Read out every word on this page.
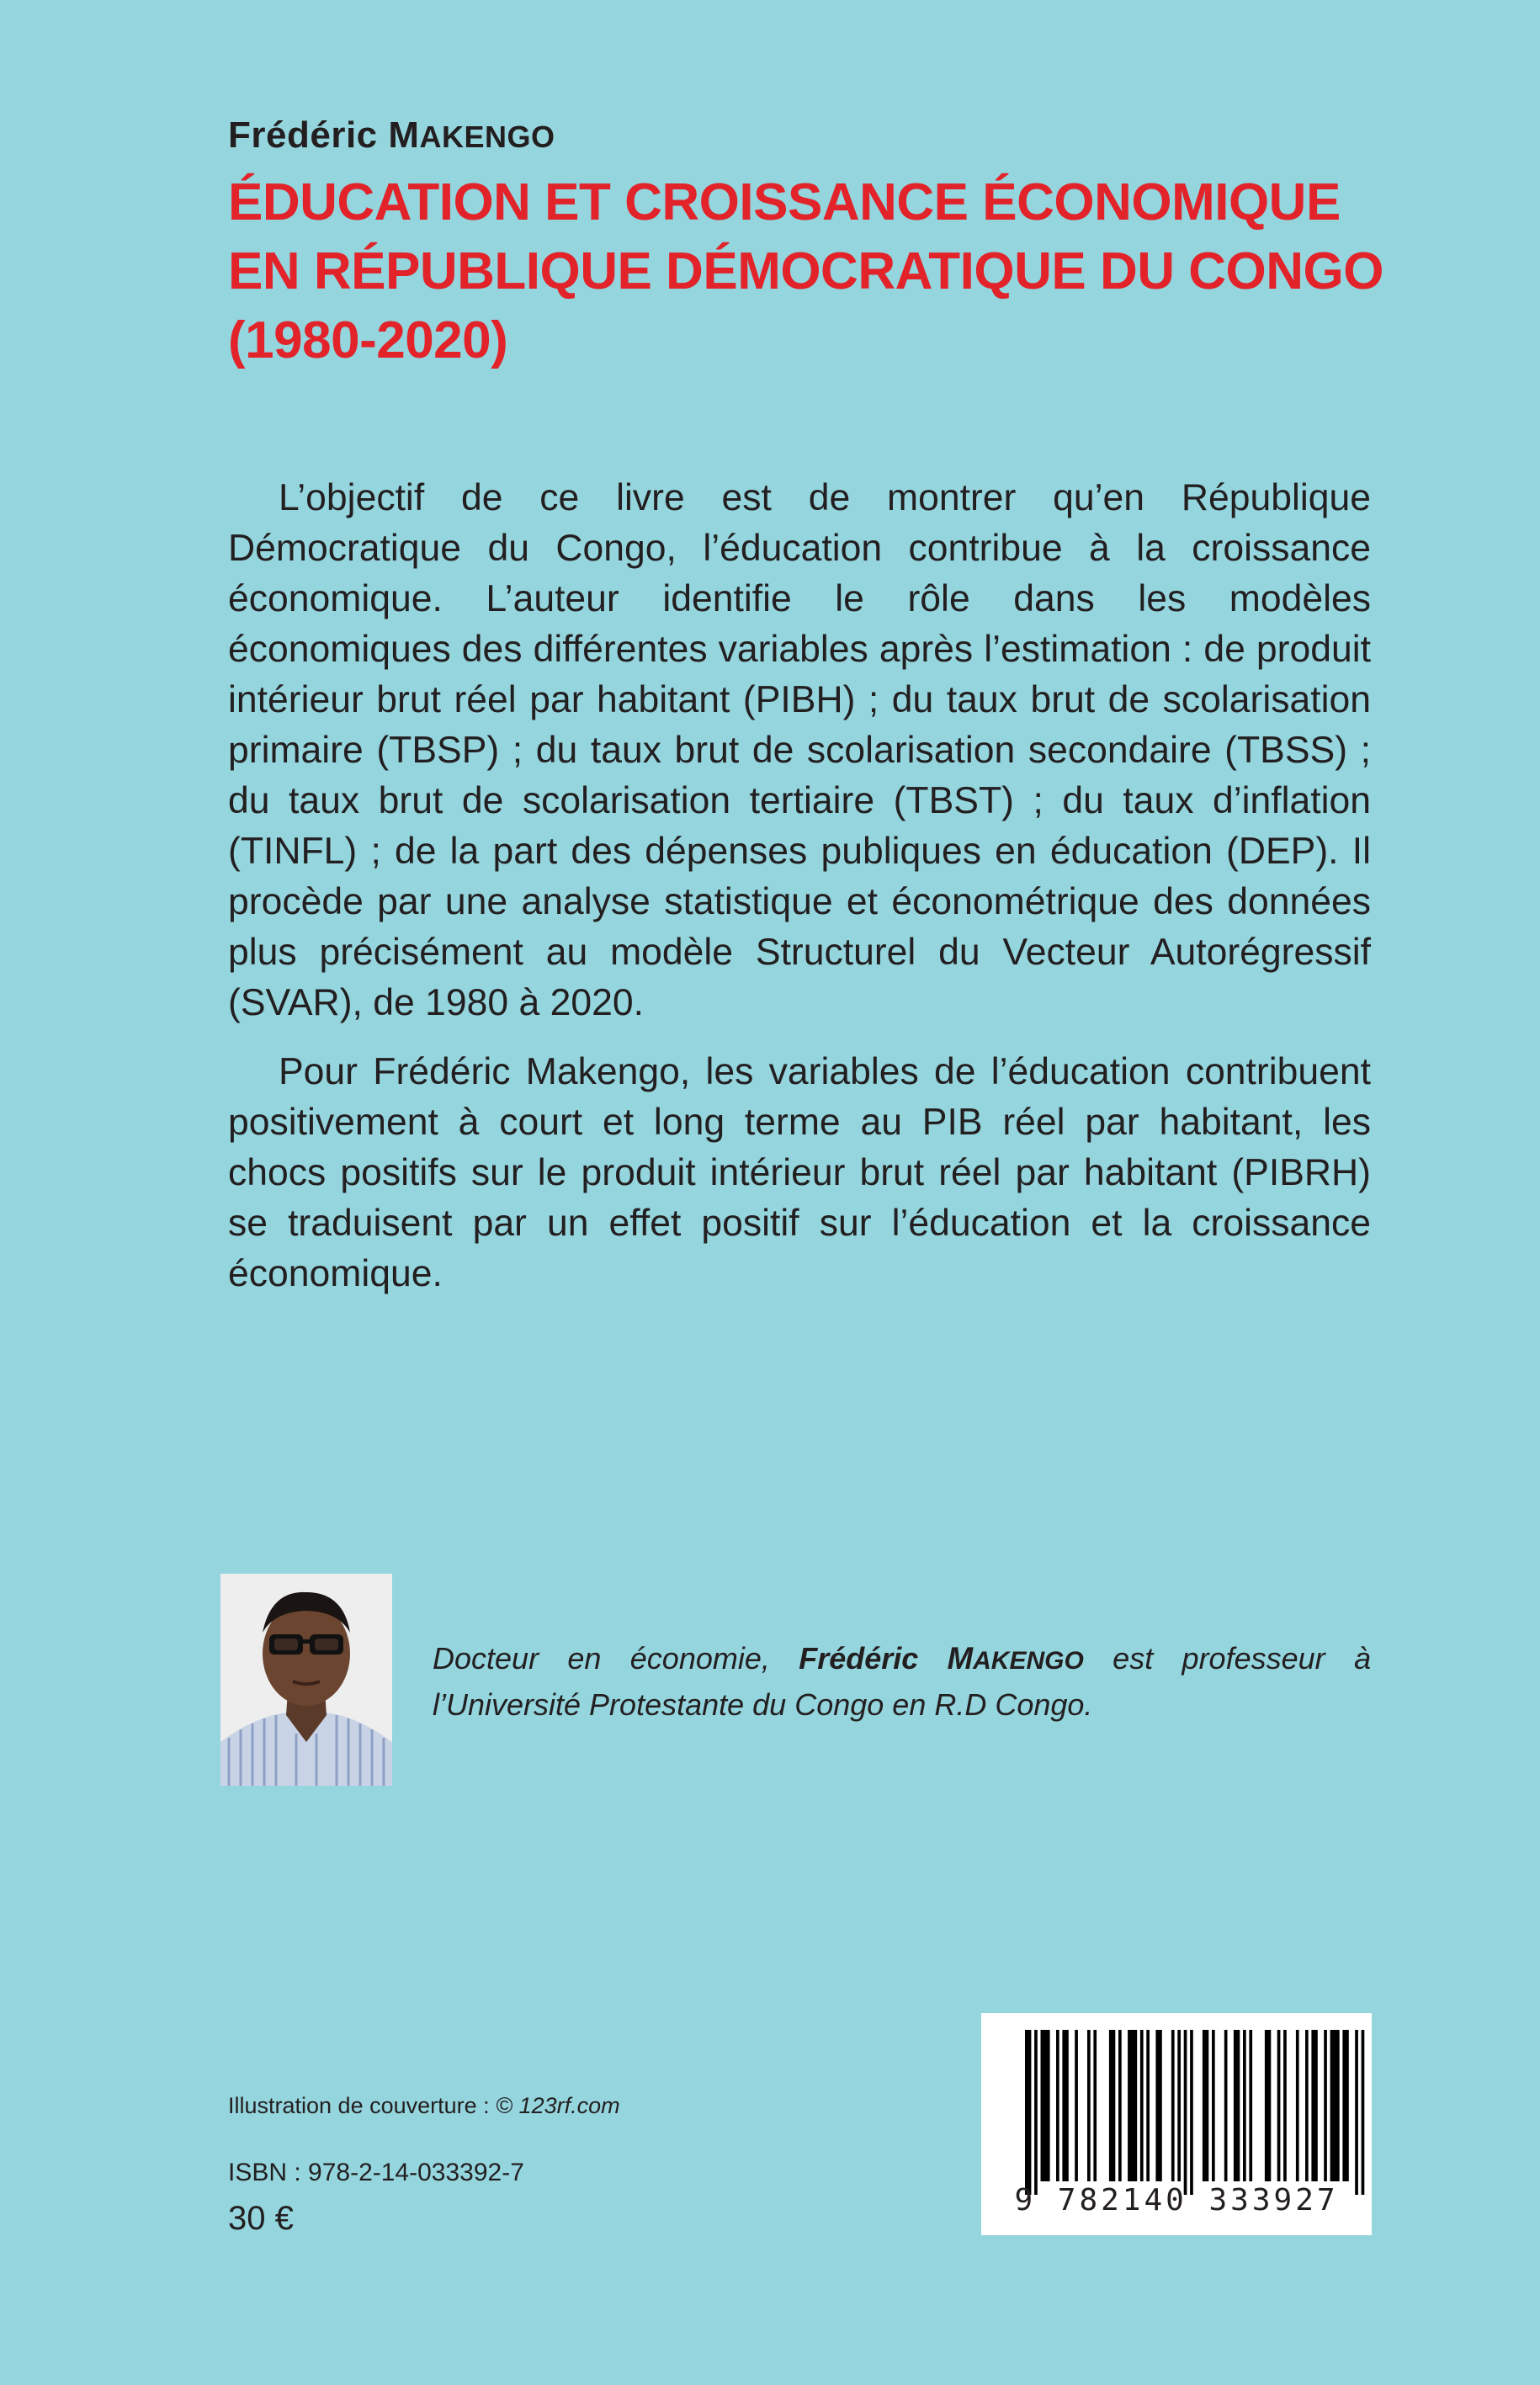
Frédéric MAKENGO
ÉDUCATION ET CROISSANCE ÉCONOMIQUE
EN RÉPUBLIQUE DÉMOCRATIQUE DU CONGO
(1980-2020)

L’objectif de ce livre est de montrer qu’en République Démocratique du Congo, l’éducation contribue à la croissance économique. L’auteur identifie le rôle dans les modèles économiques des différentes variables après l’estimation : de produit intérieur brut réel par habitant (PIBH) ; du taux brut de scolarisation primaire (TBSP) ; du taux brut de scolarisation secondaire (TBSS) ; du taux brut de scolarisation tertiaire (TBST) ; du taux d’inflation (TINFL) ; de la part des dépenses publiques en éducation (DEP). Il procède par une analyse statistique et économétrique des données plus précisément au modèle Structurel du Vecteur Autorégressif (SVAR), de 1980 à 2020.

Pour Frédéric Makengo, les variables de l’éducation contribuent positivement à court et long terme au PIB réel par habitant, les chocs positifs sur le produit intérieur brut réel par habitant (PIBRH) se traduisent par un effet positif sur l’éducation et la croissance économique.

Docteur en économie, Frédéric MAKENGO est professeur à l’Université Protestante du Congo en R.D Congo.
Illustration de couverture : © 123rf.com
ISBN : 978-2-14-033392-7
30 €	9 782140 333927
